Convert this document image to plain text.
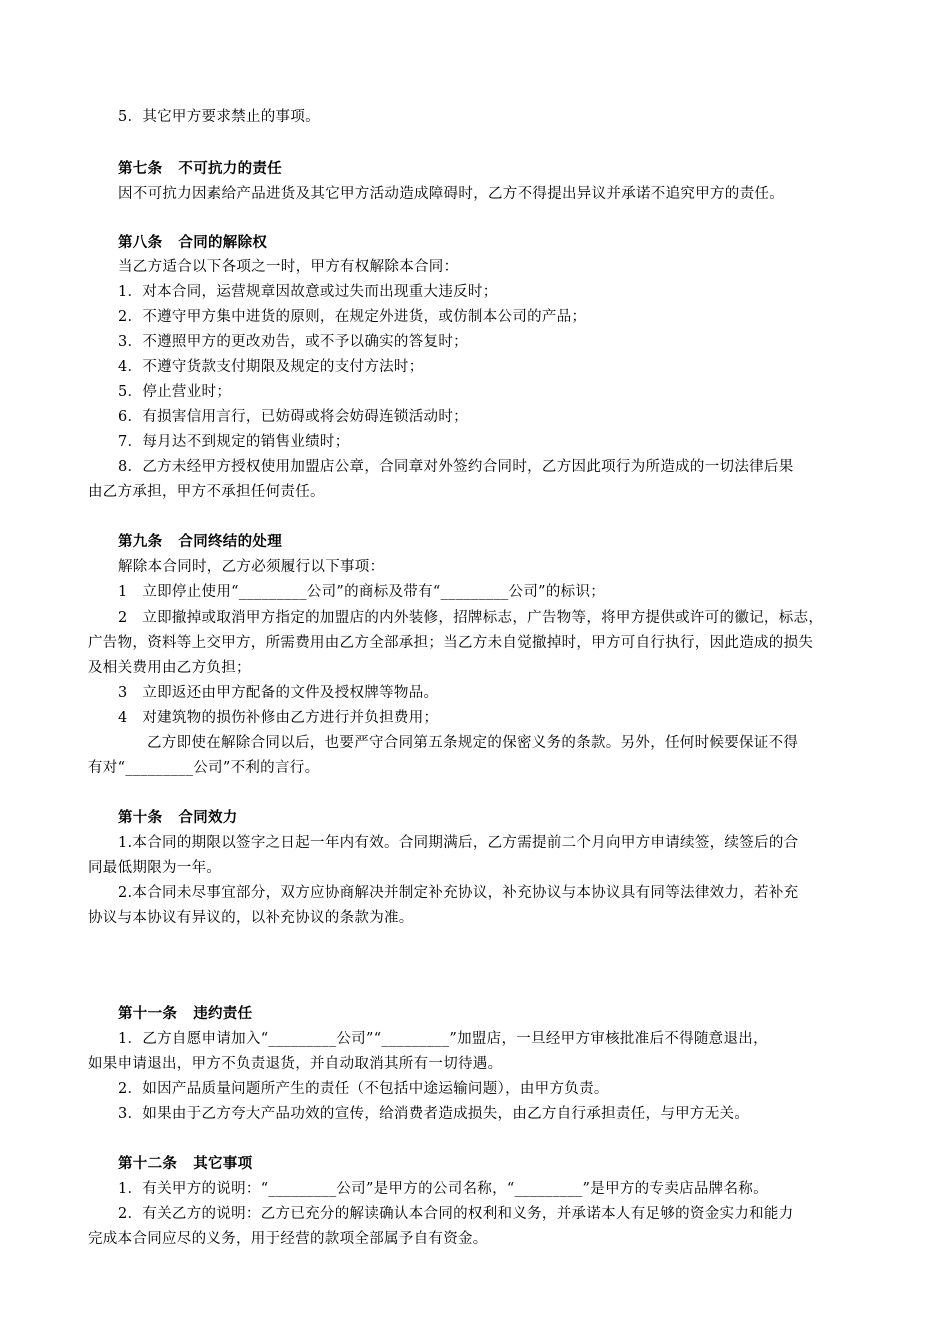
5．其它甲方要求禁止的事项。
第七条 不可抗力的责任
因不可抗力因素给产品进货及其它甲方活动造成障碍时，乙方不得提出异议并承诺不追究甲方的责任。
第八条 合同的解除权
当乙方适合以下各项之一时，甲方有权解除本合同：
1．对本合同，运营规章因故意或过失而出现重大违反时；
2．不遵守甲方集中进货的原则，在规定外进货，或仿制本公司的产品；
3．不遵照甲方的更改劝告，或不予以确实的答复时；
4．不遵守货款支付期限及规定的支付方法时；
5．停止营业时；
6．有损害信用言行，已妨碍或将会妨碍连锁活动时；
7．每月达不到规定的销售业绩时；
8．乙方未经甲方授权使用加盟店公章，合同章对外签约合同时，乙方因此项行为所造成的一切法律后果
由乙方承担，甲方不承担任何责任。
第九条 合同终结的处理
解除本合同时，乙方必须履行以下事项：
1　立即停止使用“_________公司”的商标及带有“_________公司”的标识；
2　立即撤掉或取消甲方指定的加盟店的内外装修，招牌标志，广告物等，将甲方提供或许可的徽记，标志，
广告物，资料等上交甲方，所需费用由乙方全部承担；当乙方未自觉撤掉时，甲方可自行执行，因此造成的损失
及相关费用由乙方负担；
3　立即返还由甲方配备的文件及授权牌等物品。
4　对建筑物的损伤补修由乙方进行并负担费用；
乙方即使在解除合同以后，也要严守合同第五条规定的保密义务的条款。另外，任何时候要保证不得
有对“_________公司”不利的言行。
第十条 合同效力
1.本合同的期限以签字之日起一年内有效。合同期满后，乙方需提前二个月向甲方申请续签，续签后的合
同最低期限为一年。
2.本合同未尽事宜部分，双方应协商解决并制定补充协议，补充协议与本协议具有同等法律效力，若补充
协议与本协议有异议的，以补充协议的条款为准。
第十一条 违约责任
1．乙方自愿申请加入“_________公司”“_________”加盟店，一旦经甲方审核批准后不得随意退出，
如果申请退出，甲方不负责退货，并自动取消其所有一切待遇。
2．如因产品质量问题所产生的责任（不包括中途运输问题），由甲方负责。
3．如果由于乙方夸大产品功效的宣传，给消费者造成损失，由乙方自行承担责任，与甲方无关。
第十二条 其它事项
1．有关甲方的说明：“_________公司”是甲方的公司名称，“_________”是甲方的专卖店品牌名称。
2．有关乙方的说明：乙方已充分的解读确认本合同的权利和义务，并承诺本人有足够的资金实力和能力
完成本合同应尽的义务，用于经营的款项全部属予自有资金。
